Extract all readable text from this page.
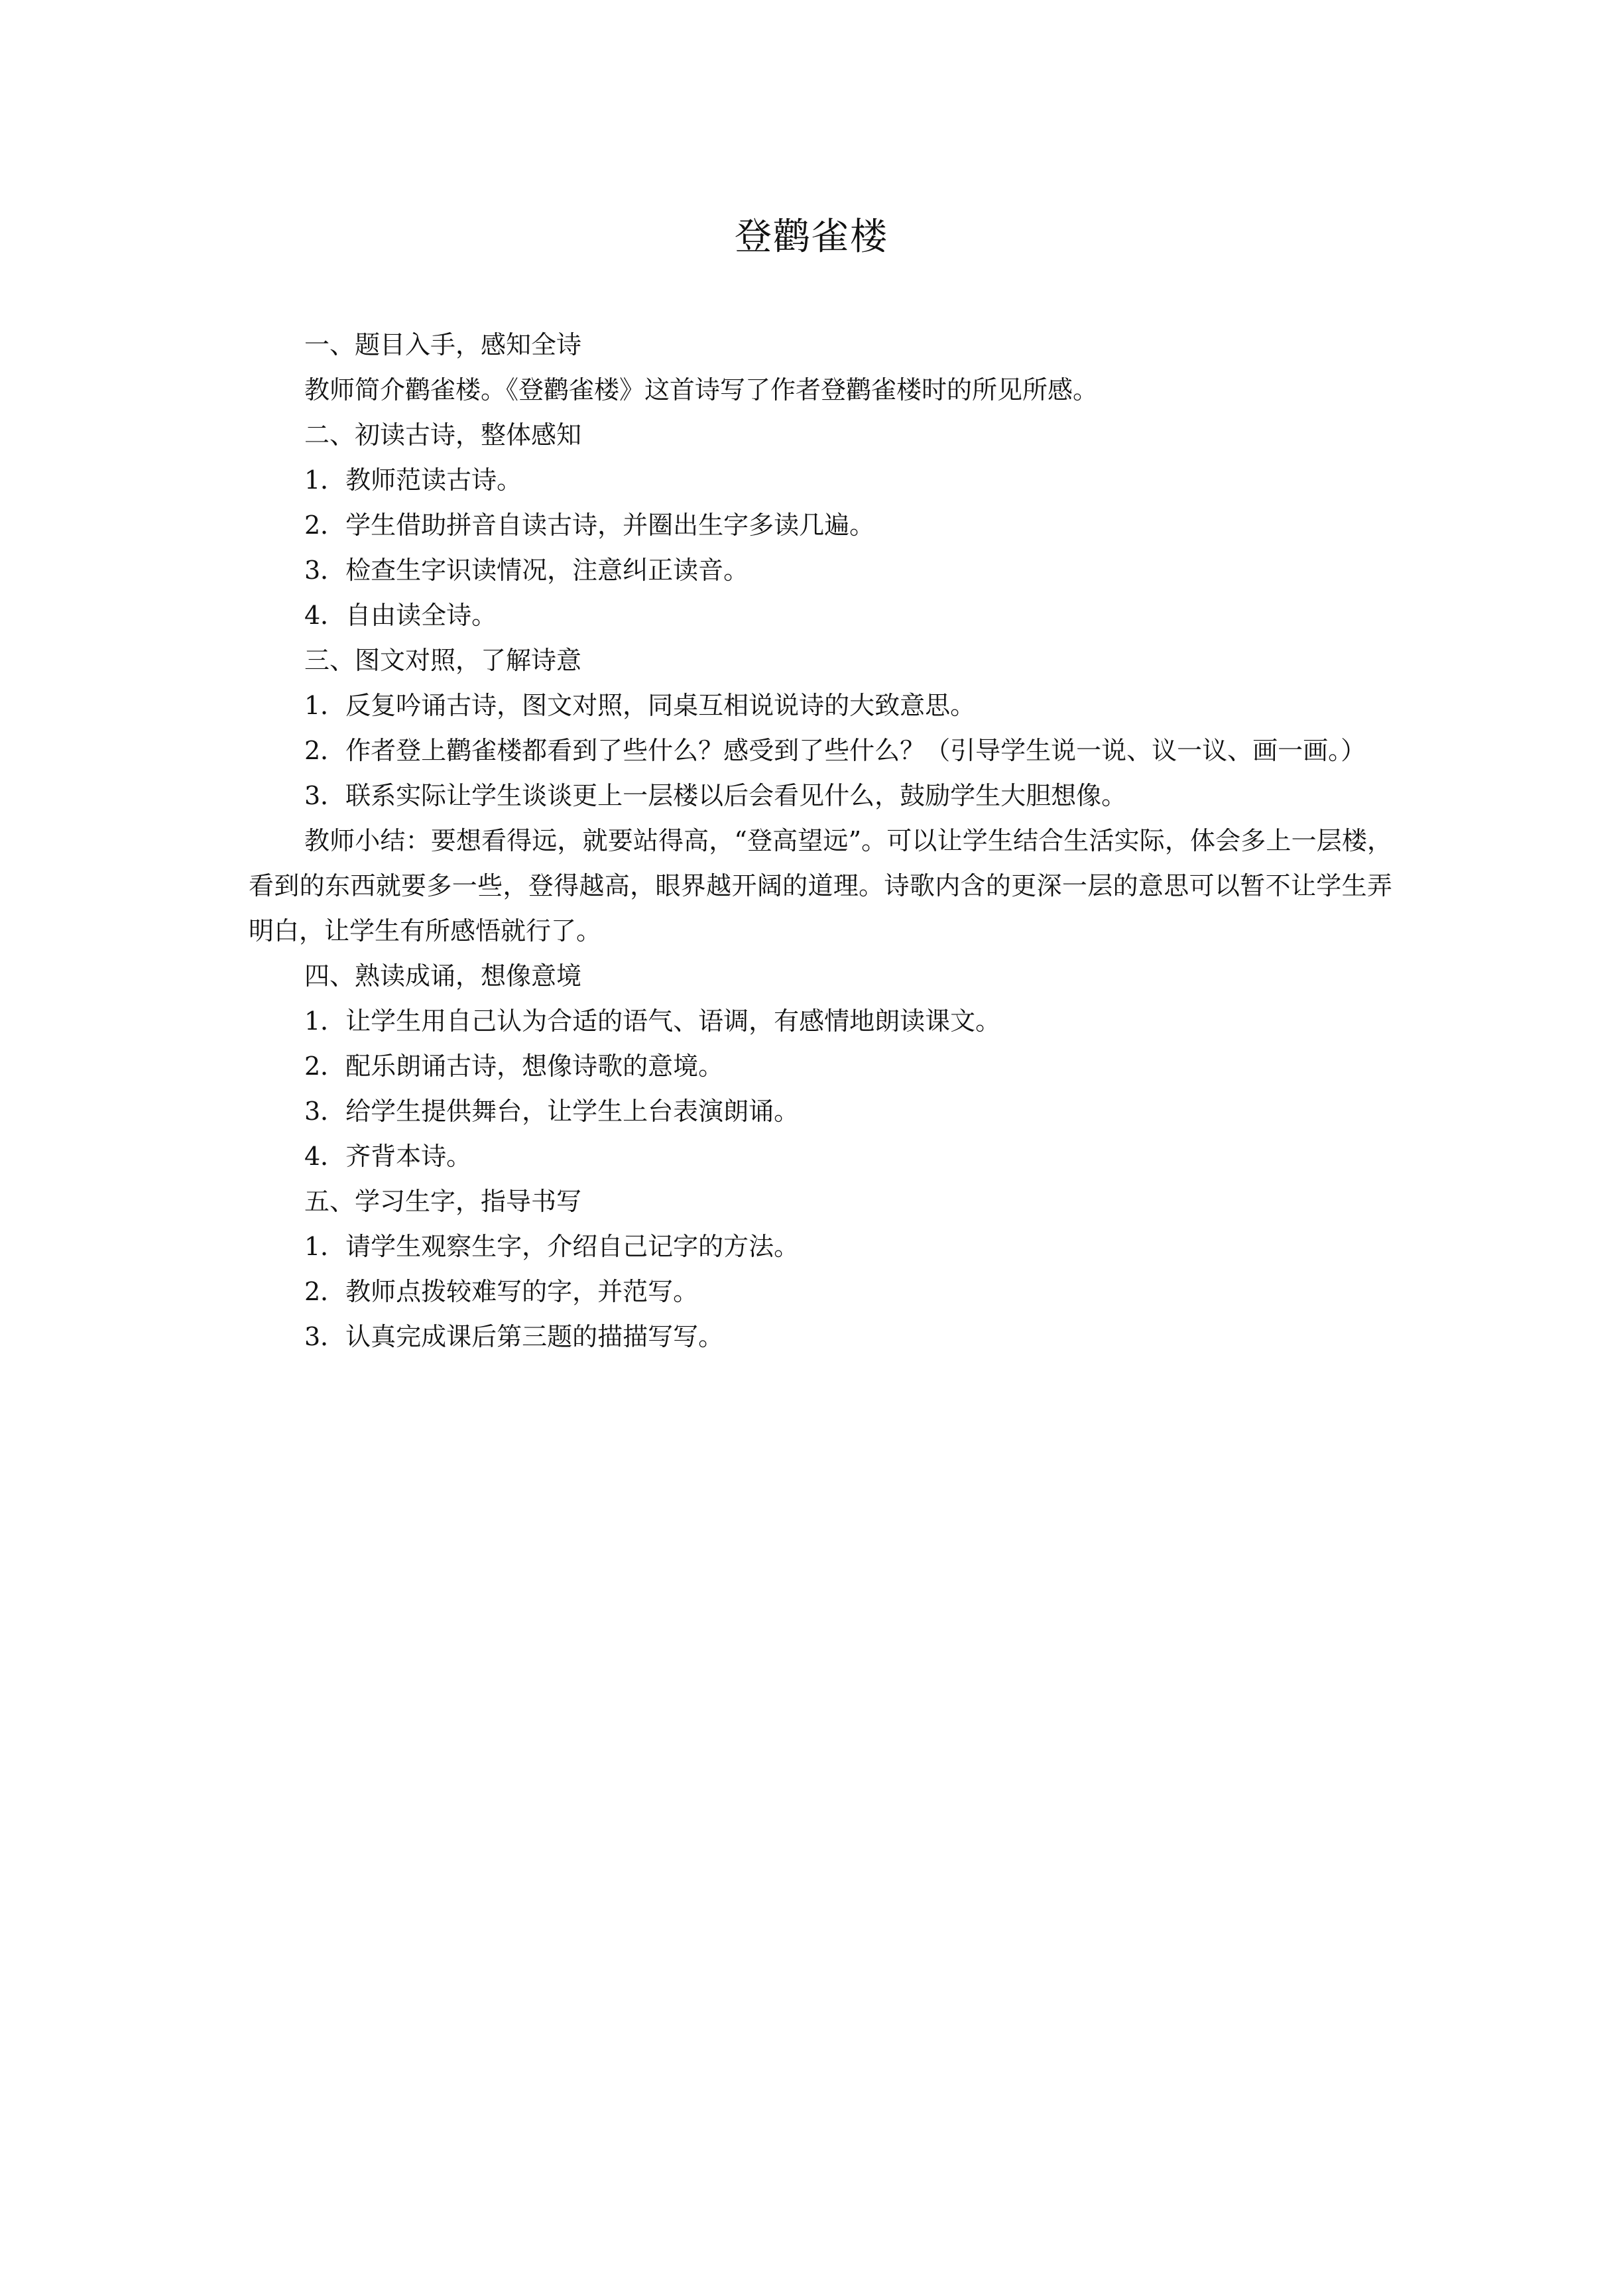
登鹳雀楼

一、题目入手，感知全诗

教师简介鹳雀楼。《登鹳雀楼》这首诗写了作者登鹳雀楼时的所见所感。

二、初读古诗，整体感知

1．教师范读古诗。

2．学生借助拼音自读古诗，并圈出生字多读几遍。

3．检查生字识读情况，注意纠正读音。

4．自由读全诗。

三、图文对照，了解诗意

1．反复吟诵古诗，图文对照，同桌互相说说诗的大致意思。

2．作者登上鹳雀楼都看到了些什么？感受到了些什么？（引导学生说一说、议一议、画一画。）

3．联系实际让学生谈谈更上一层楼以后会看见什么，鼓励学生大胆想像。

教师小结：要想看得远，就要站得高，“登高望远”。可以让学生结合生活实际，体会多上一层楼，看到的东西就要多一些，登得越高，眼界越开阔的道理。诗歌内含的更深一层的意思可以暂不让学生弄明白，让学生有所感悟就行了。

四、熟读成诵，想像意境

1．让学生用自己认为合适的语气、语调，有感情地朗读课文。

2．配乐朗诵古诗，想像诗歌的意境。

3．给学生提供舞台，让学生上台表演朗诵。

4．齐背本诗。

五、学习生字，指导书写

1．请学生观察生字，介绍自己记字的方法。

2．教师点拨较难写的字，并范写。

3．认真完成课后第三题的描描写写。
